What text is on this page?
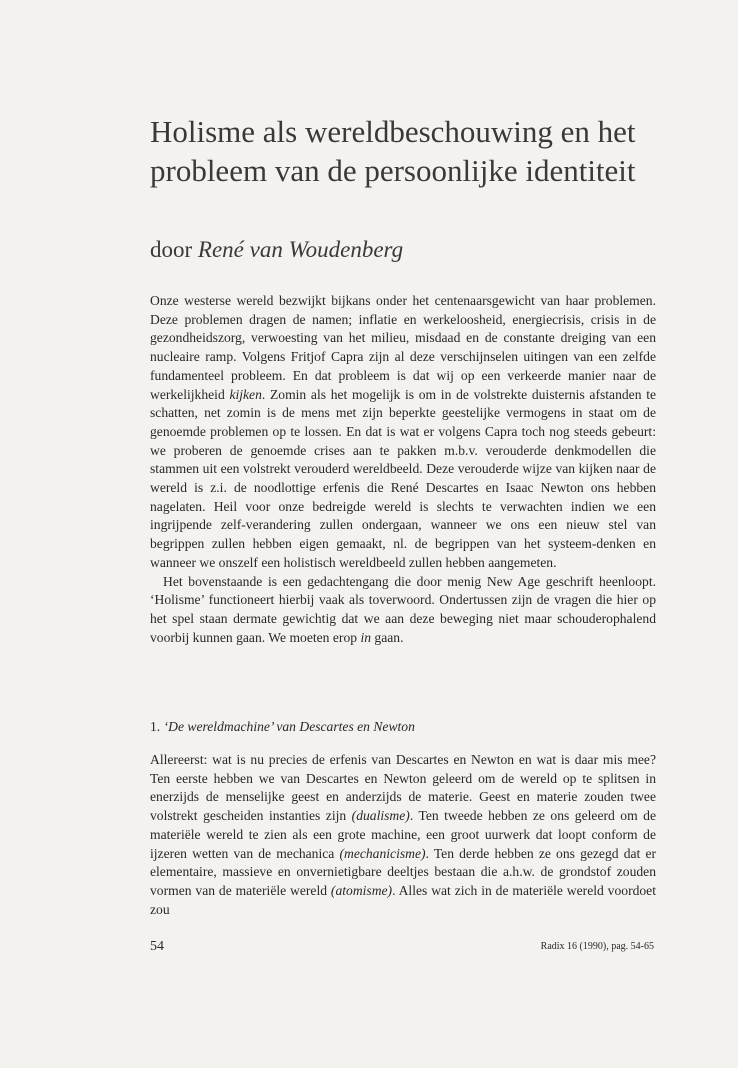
Holisme als wereldbeschouwing en het
probleem van de persoonlijke identiteit
door René van Woudenberg

Onze westerse wereld bezwijkt bijkans onder het centenaarsgewicht van haar problemen. Deze problemen dragen de namen; inflatie en werkeloosheid, energiecrisis, crisis in de gezondheidszorg, verwoesting van het milieu, misdaad en de constante dreiging van een nucleaire ramp. Volgens Fritjof Capra zijn al deze verschijnselen uitingen van een zelfde fundamenteel probleem. En dat probleem is dat wij op een verkeerde manier naar de werkelijkheid kijken. Zomin als het mogelijk is om in de volstrekte duisternis afstanden te schatten, net zomin is de mens met zijn beperkte geestelijke vermogens in staat om de genoemde problemen op te lossen. En dat is wat er volgens Capra toch nog steeds gebeurt: we proberen de genoemde crises aan te pakken m.b.v. verouderde denkmodellen die stammen uit een volstrekt verouderd wereldbeeld. Deze verouderde wijze van kijken naar de wereld is z.i. de noodlottige erfenis die René Descartes en Isaac Newton ons hebben nagelaten. Heil voor onze bedreigde wereld is slechts te verwachten indien we een ingrijpende zelf-verandering zullen ondergaan, wanneer we ons een nieuw stel van begrippen zullen hebben eigen gemaakt, nl. de begrippen van het systeem-denken en wanneer we onszelf een holistisch wereldbeeld zullen hebben aangemeten.

Het bovenstaande is een gedachtengang die door menig New Age geschrift heenloopt. ‘Holisme’ functioneert hierbij vaak als toverwoord. Ondertussen zijn de vragen die hier op het spel staan dermate gewichtig dat we aan deze beweging niet maar schouderophalend voorbij kunnen gaan. We moeten erop in gaan.

1. ‘De wereldmachine’ van Descartes en Newton

Allereerst: wat is nu precies de erfenis van Descartes en Newton en wat is daar mis mee? Ten eerste hebben we van Descartes en Newton geleerd om de wereld op te splitsen in enerzijds de menselijke geest en anderzijds de materie. Geest en materie zouden twee volstrekt gescheiden instanties zijn (dualisme). Ten tweede hebben ze ons geleerd om de materiële wereld te zien als een grote machine, een groot uurwerk dat loopt conform de ijzeren wetten van de mechanica (mechanicisme). Ten derde hebben ze ons gezegd dat er elementaire, massieve en onvernietigbare deeltjes bestaan die a.h.w. de grondstof zouden vormen van de materiële wereld (atomisme). Alles wat zich in de materiële wereld voordoet zou

54	Radix 16 (1990), pag. 54-65
